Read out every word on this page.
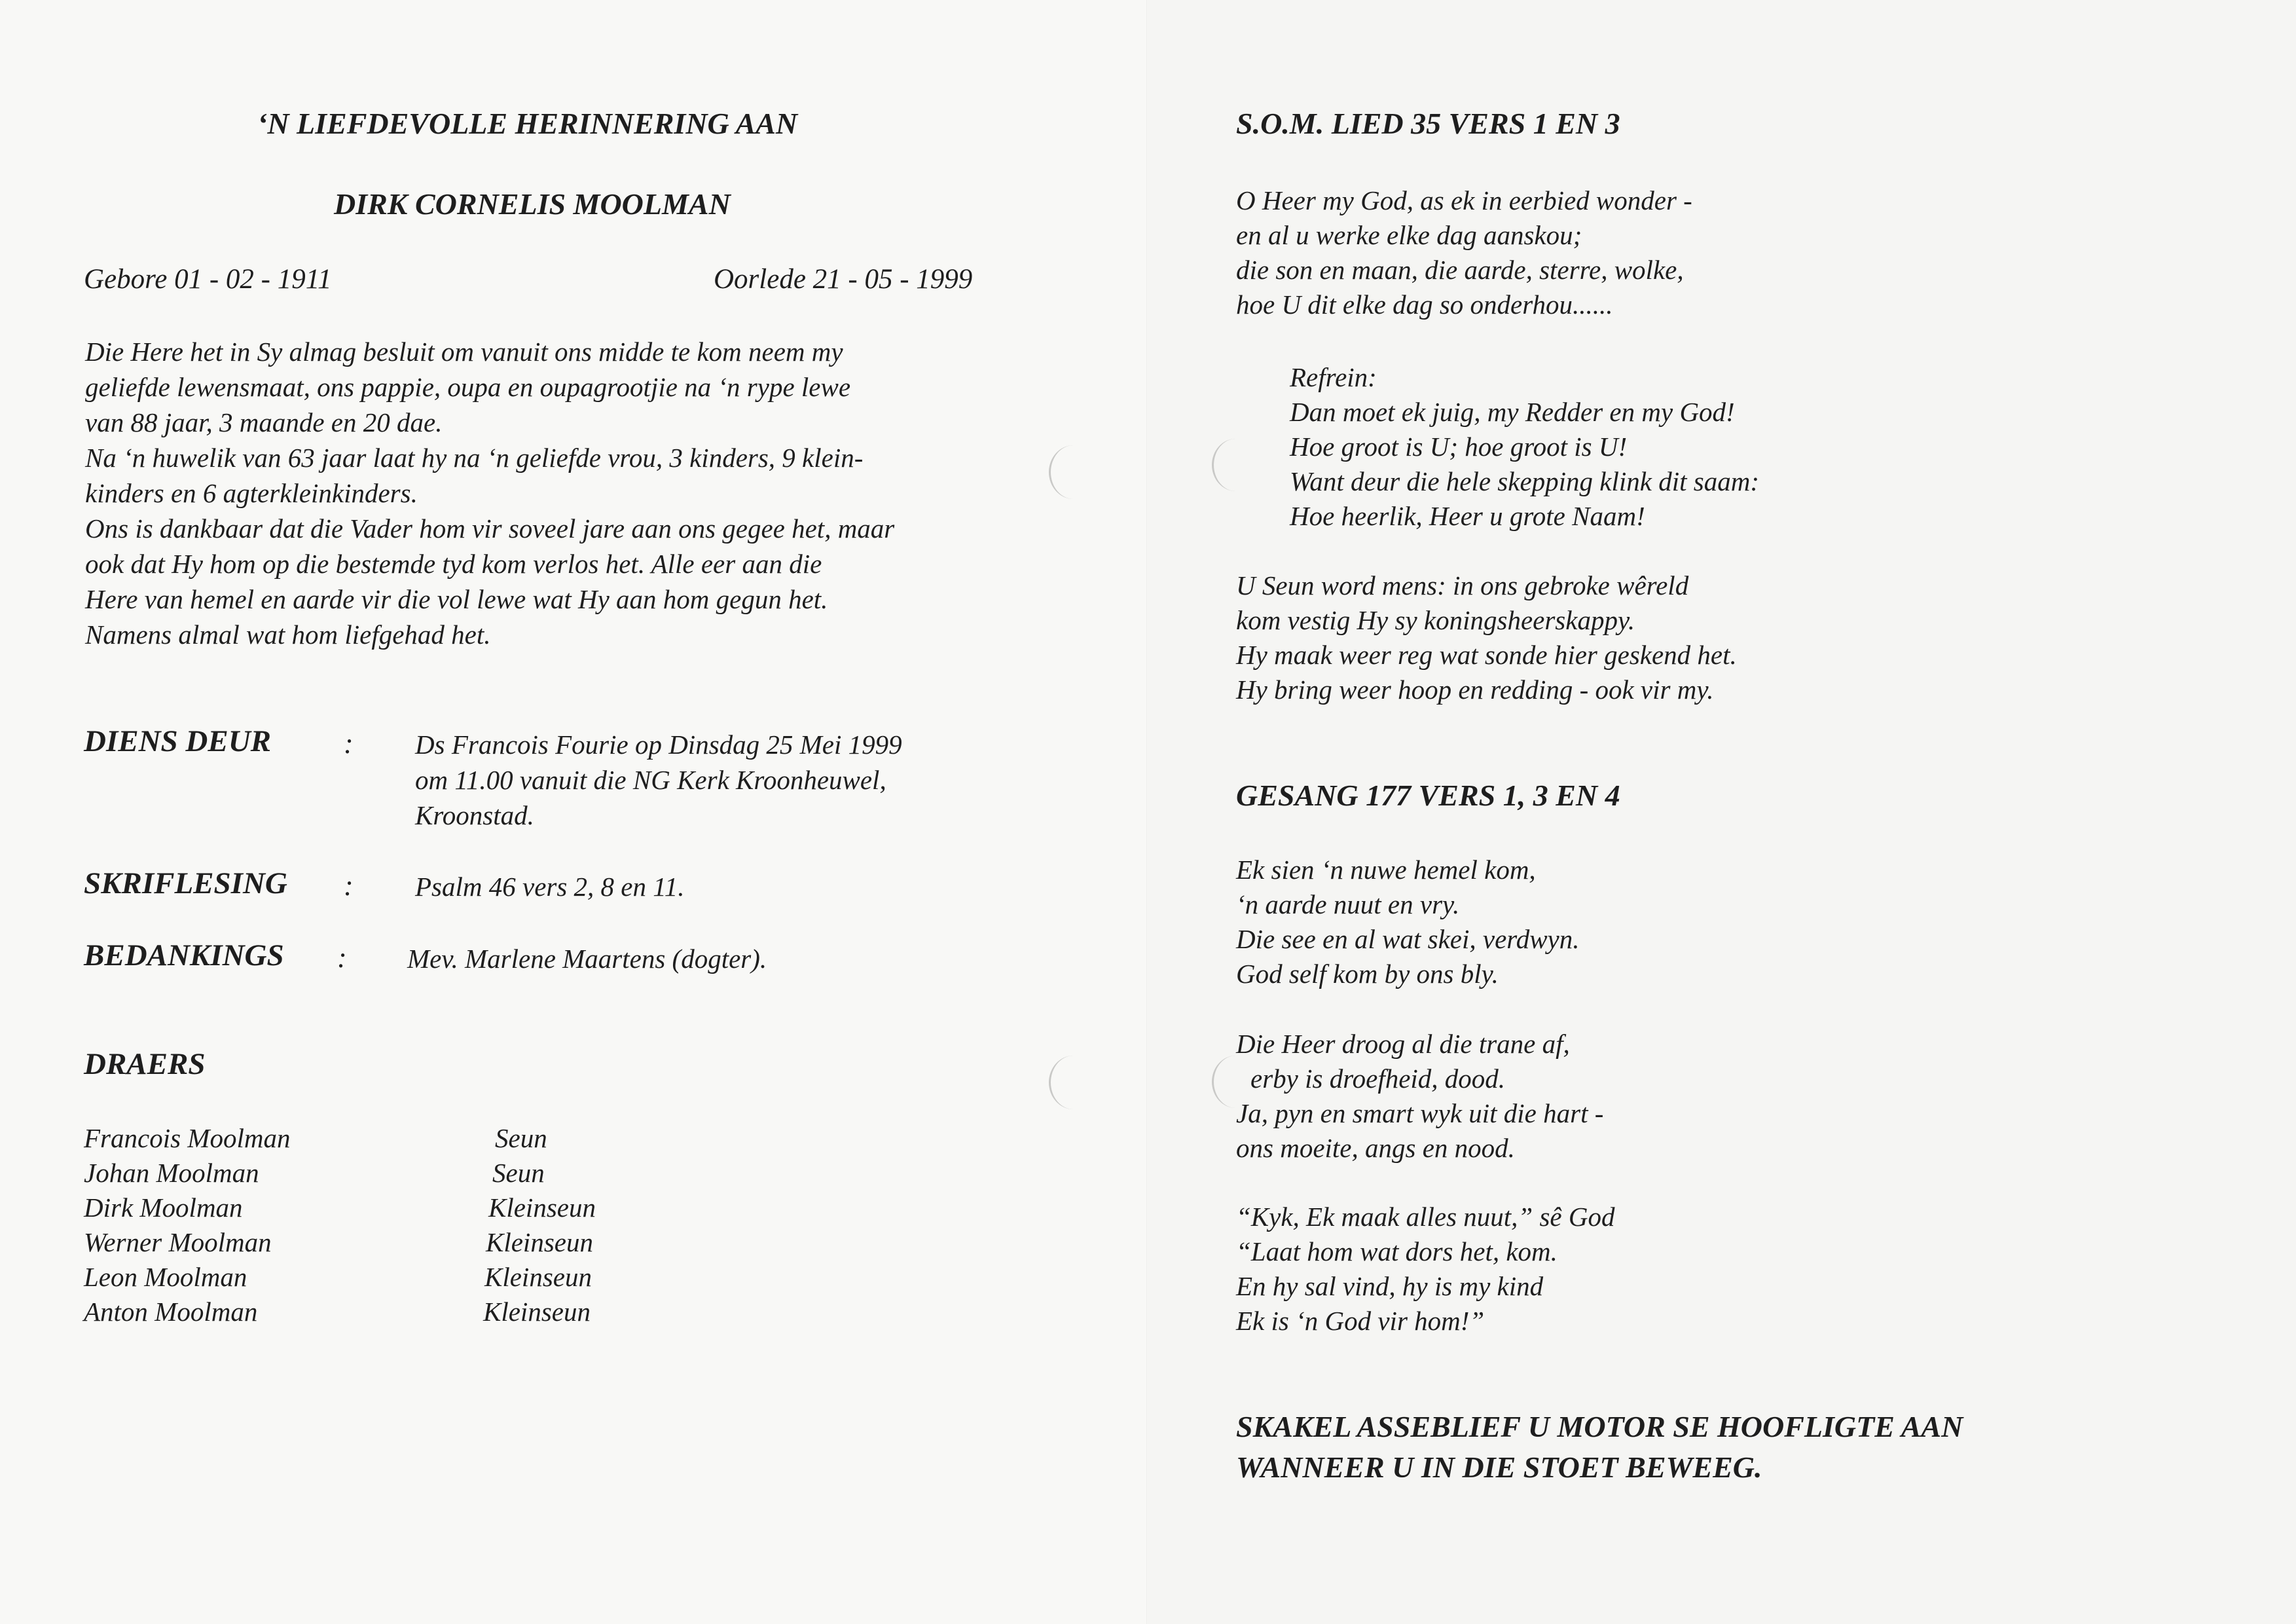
‘N LIEFDEVOLLE HERINNERING AAN
DIRK CORNELIS MOOLMAN
Gebore 01 - 02 - 1911	Oorlede 21 - 05 - 1999
Die Here het in Sy almag besluit om vanuit ons midde te kom neem my
geliefde lewensmaat, ons pappie, oupa en oupagrootjie na ‘n rype lewe
van 88 jaar, 3 maande en 20 dae.
Na ‘n huwelik van 63 jaar laat hy na ‘n geliefde vrou, 3 kinders, 9 klein-
kinders en 6 agterkleinkinders.
Ons is dankbaar dat die Vader hom vir soveel jare aan ons gegee het, maar
ook dat Hy hom op die bestemde tyd kom verlos het. Alle eer aan die
Here van hemel en aarde vir die vol lewe wat Hy aan hom gegun het.
Namens almal wat hom liefgehad het.
DIENS DEUR	: Ds Francois Fourie op Dinsdag 25 Mei 1999
om 11.00 vanuit die NG Kerk Kroonheuwel,
Kroonstad.
SKRIFLESING : Psalm 46 vers 2, 8 en 11.
BEDANKINGS : Mev. Marlene Maartens (dogter).
DRAERS
Francois Moolman
Johan Moolman
Dirk Moolman
Werner Moolman
Leon Moolman
Anton Moolman
Seun
Seun
Kleinseun
Kleinseun
Kleinseun
Kleinseun
S.O.M. LIED 35 VERS 1 EN 3
O Heer my God, as ek in eerbied wonder -
en al u werke elke dag aanskou;
die son en maan, die aarde, sterre, wolke,
hoe U dit elke dag so onderhou......
Refrein:
Dan moet ek juig, my Redder en my God!
Hoe groot is U; hoe groot is U!
Want deur die hele skepping klink dit saam:
Hoe heerlik, Heer u grote Naam!
U Seun word mens: in ons gebroke wêreld
kom vestig Hy sy koningsheerskappy.
Hy maak weer reg wat sonde hier geskend het.
Hy bring weer hoop en redding - ook vir my.
GESANG 177 VERS 1, 3 EN 4
Ek sien ‘n nuwe hemel kom,
‘n aarde nuut en vry.
Die see en al wat skei, verdwyn.
God self kom by ons bly.
Die Heer droog al die trane af,
erby is droefheid, dood.
Ja, pyn en smart wyk uit die hart -
ons moeite, angs en nood.
“Kyk, Ek maak alles nuut,” sê God
“Laat hom wat dors het, kom.
En hy sal vind, hy is my kind
Ek is ‘n God vir hom!”
SKAKEL ASSEBLIEF U MOTOR SE HOOFLIGTE AAN
WANNEER U IN DIE STOET BEWEEG.
